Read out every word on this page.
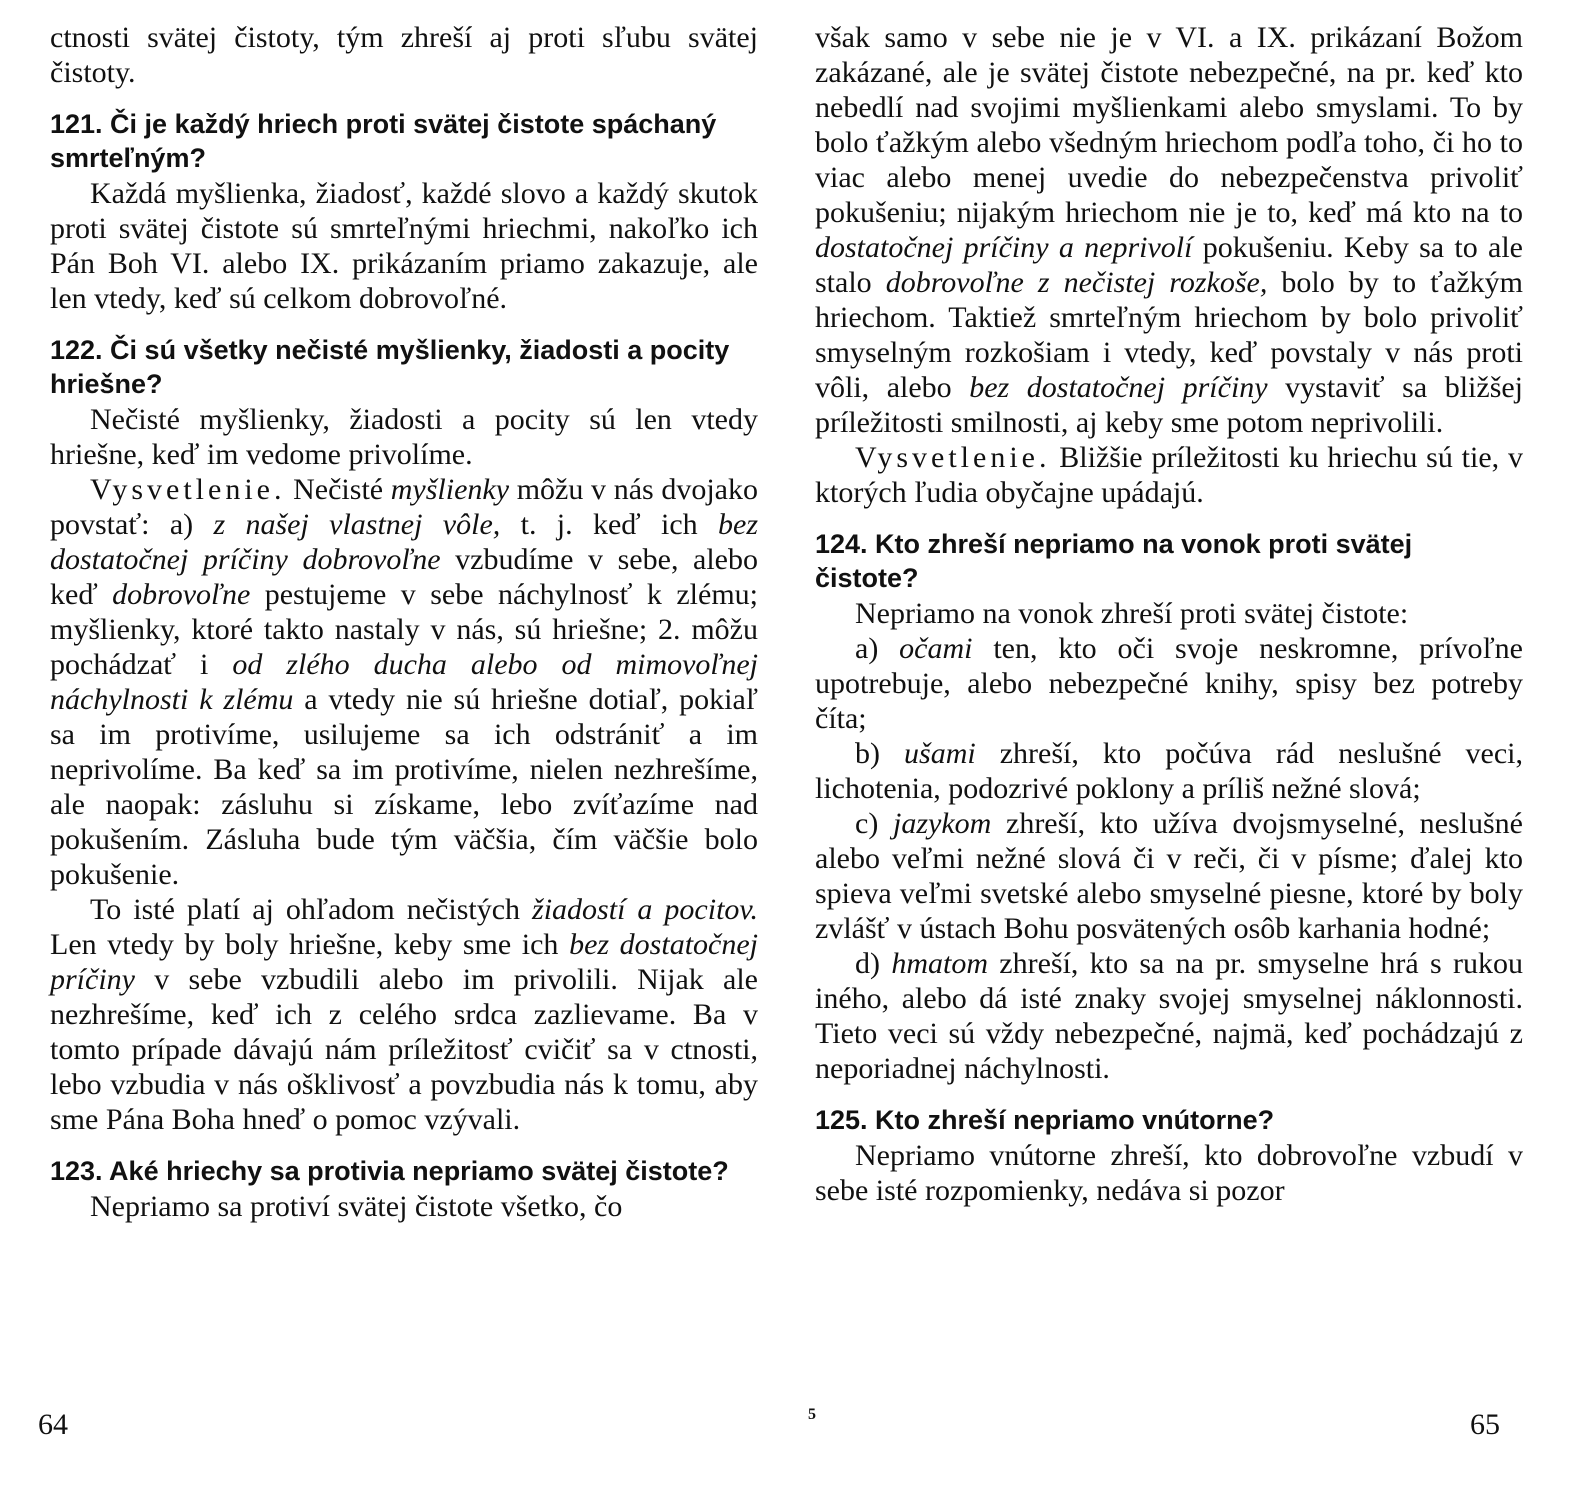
ctnosti svätej čistoty, tým zhreší aj proti sľubu svätej čistoty.

121. Či je každý hriech proti svätej čistote spáchaný smrteľným?

Každá myšlienka, žiadosť, každé slovo a každý skutok proti svätej čistote sú smrteľnými hriechmi, nakoľko ich Pán Boh VI. alebo IX. prikázaním priamo zakazuje, ale len vtedy, keď sú celkom dobrovoľné.

122. Či sú všetky nečisté myšlienky, žiadosti a pocity hriešne?

Nečisté myšlienky, žiadosti a pocity sú len vtedy hriešne, keď im vedome privolíme.

Vysvetlenie. Nečisté myšlienky môžu v nás dvojako povstať: a) z našej vlastnej vôle, t. j. keď ich bez dostatočnej príčiny dobrovoľne vzbudíme v sebe, alebo keď dobrovoľne pestujeme v sebe náchylnosť k zlému; myšlienky, ktoré takto nastaly v nás, sú hriešne; 2. môžu pochádzať i od zlého ducha alebo od mimovoľnej náchylnosti k zlému a vtedy nie sú hriešne dotiaľ, pokiaľ sa im protivíme, usilujeme sa ich odstrániť a im neprivolíme. Ba keď sa im protivíme, nielen nezhrešíme, ale naopak: zásluhu si získame, lebo zvíťazíme nad pokušením. Zásluha bude tým väčšia, čím väčšie bolo pokušenie.

To isté platí aj ohľadom nečistých žiadostí a pocitov. Len vtedy by boly hriešne, keby sme ich bez dostatočnej príčiny v sebe vzbudili alebo im privolili. Nijak ale nezhrešíme, keď ich z celého srdca zazlievame. Ba v tomto prípade dávajú nám príležitosť cvičiť sa v ctnosti, lebo vzbudia v nás ošklivosť a povzbudia nás k tomu, aby sme Pána Boha hneď o pomoc vzývali.

123. Aké hriechy sa protivia nepriamo svätej čistote?

Nepriamo sa protiví svätej čistote všetko, čo

64

však samo v sebe nie je v VI. a IX. prikázaní Božom zakázané, ale je svätej čistote nebezpečné, na pr. keď kto nebedlí nad svojimi myšlienkami alebo smyslami. To by bolo ťažkým alebo všedným hriechom podľa toho, či ho to viac alebo menej uvedie do nebezpečenstva privoliť pokušeniu; nijakým hriechom nie je to, keď má kto na to dostatočnej príčiny a neprivolí pokušeniu. Keby sa to ale stalo dobrovoľne z nečistej rozkoše, bolo by to ťažkým hriechom. Taktiež smrteľným hriechom by bolo privoliť smyselným rozkošiam i vtedy, keď povstaly v nás proti vôli, alebo bez dostatočnej príčiny vystaviť sa bližšej príležitosti smilnosti, aj keby sme potom neprivolili.

Vysvetlenie. Bližšie príležitosti ku hriechu sú tie, v ktorých ľudia obyčajne upádajú.

124. Kto zhreší nepriamo na vonok proti svätej čistote?

Nepriamo na vonok zhreší proti svätej čistote:

a) očami ten, kto oči svoje neskromne, prívoľne upotrebuje, alebo nebezpečné knihy, spisy bez potreby číta;

b) ušami zhreší, kto počúva rád neslušné veci, lichotenia, podozrivé poklony a príliš nežné slová;

c) jazykom zhreší, kto užíva dvojsmyselné, neslušné alebo veľmi nežné slová či v reči, či v písme; ďalej kto spieva veľmi svetské alebo smyselné piesne, ktoré by boly zvlášť v ústach Bohu posvätených osôb karhania hodné;

d) hmatom zhreší, kto sa na pr. smyselne hrá s rukou iného, alebo dá isté znaky svojej smyselnej náklonnosti. Tieto veci sú vždy nebezpečné, najmä, keď pochádzajú z neporiadnej náchylnosti.

125. Kto zhreší nepriamo vnútorne?

Nepriamo vnútorne zhreší, kto dobrovoľne vzbudí v sebe isté rozpomienky, nedáva si pozor

5	65
